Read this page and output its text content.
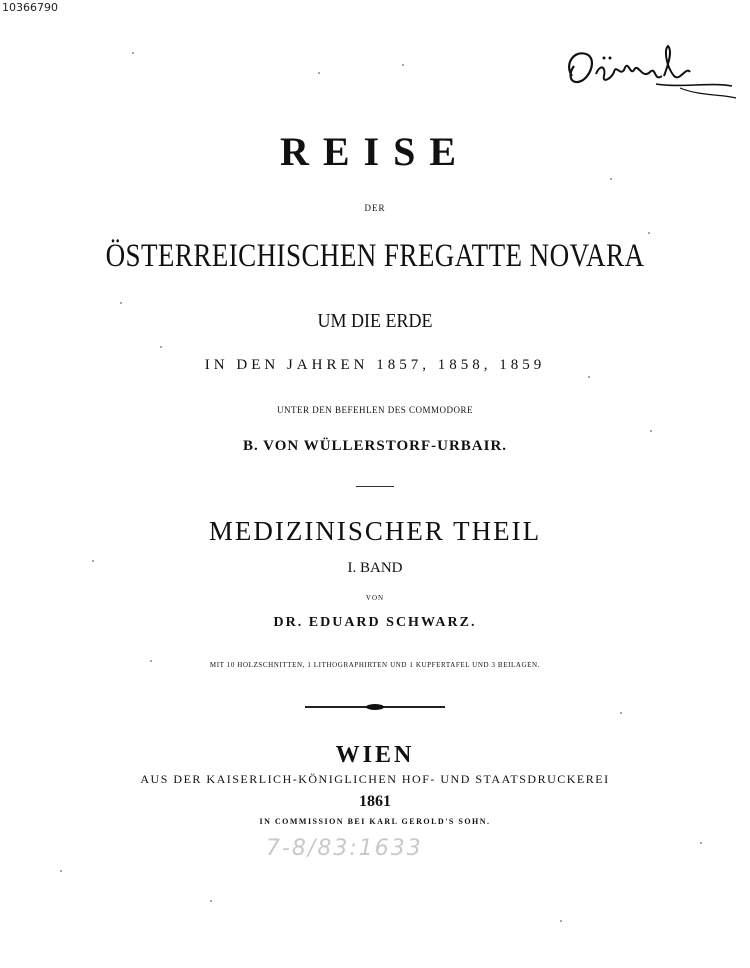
10366790
REISE
DER
ÖSTERREICHISCHEN FREGATTE NOVARA
UM DIE ERDE
IN DEN JAHREN 1857, 1858, 1859
UNTER DEN BEFEHLEN DES COMMODORE
B. VON WÜLLERSTORF-URBAIR.
MEDIZINISCHER THEIL
I. BAND
VON
DR. EDUARD SCHWARZ.
MIT 10 HOLZSCHNITTEN, 1 LITHOGRAPHIRTEN UND 1 KUPFERTAFEL UND 3 BEILAGEN.
WIEN
AUS DER KAISERLICH-KÖNIGLICHEN HOF- UND STAATSDRUCKEREI
1861
IN COMMISSION BEI KARL GEROLD'S SOHN.
7-8/83:1633
